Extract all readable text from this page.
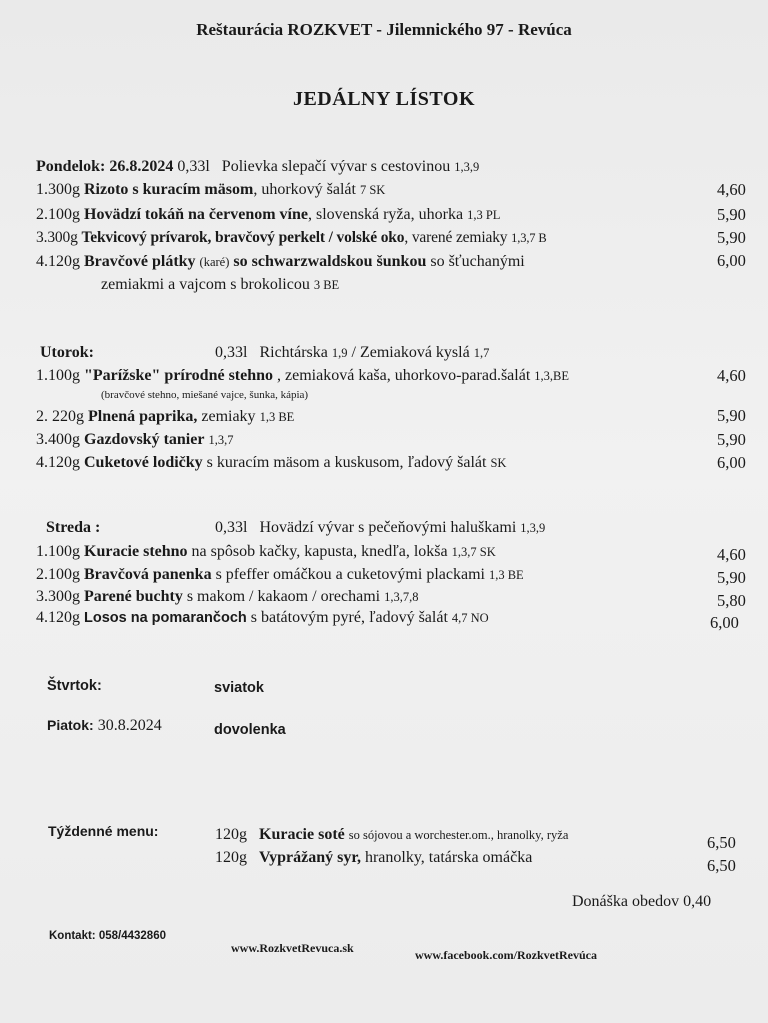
Reštaurácia ROZKVET - Jilemnického 97 - Revúca
JEDÁLNY LÍSTOK
Pondelok: 26.8.2024 0,33l Polievka slepačí vývar s cestovinou 1,3,9
1.300g Rizoto s kuracím mäsom, uhorkový šalát 7 SK	4,60
2.100g Hovädzí tokáň na červenom víne, slovenská ryža, uhorka 1,3 PL	5,90
3.300g Tekvicový prívarok, bravčový perkelt / volské oko, varené zemiaky 1,3,7 B	5,90
4.120g Bravčové plátky (karé) so schwarzwaldskou šunkou so šťuchanými	6,00
zemiakmi a vajcom s brokolicou 3 BE
Utorok:	0,33l Richtárska 1,9 / Zemiaková kyslá 1,7
1.100g "Parížske" prírodné stehno , zemiaková kaša, uhorkovo-parad.šalát 1,3,BE	4,60
(bravčové stehno, miešané vajce, šunka, kápia)
2. 220g Plnená paprika, zemiaky 1,3 BE	5,90
3.400g Gazdovský tanier 1,3,7	5,90
4.120g Cuketové lodičky s kuracím mäsom a kuskusom, ľadový šalát SK	6,00
Streda :	0,33l Hovädzí vývar s pečeňovými haluškami 1,3,9
1.100g Kuracie stehno na spôsob kačky, kapusta, knedľa, lokša 1,3,7 SK	4,60
2.100g Bravčová panenka s pfeffer omáčkou a cuketovými plackami 1,3 BE	5,90
3.300g Parené buchty s makom / kakaom / orechami 1,3,7,8	5,80
4.120g Losos na pomarančoch s batátovým pyré, ľadový šalát 4,7 NO	6,00
Štvrtok:	sviatok
Piatok: 30.8.2024	dovolenka
Týždenné menu:	120g Kuracie soté so sójovou a worchester.om., hranolky, ryža	6,50
120g Vyprážaný syr, hranolky, tatárska omáčka	6,50
Donáška obedov 0,40
Kontakt: 058/4432860
www.RozkvetRevuca.sk	www.facebook.com/RozkvetRevúca
